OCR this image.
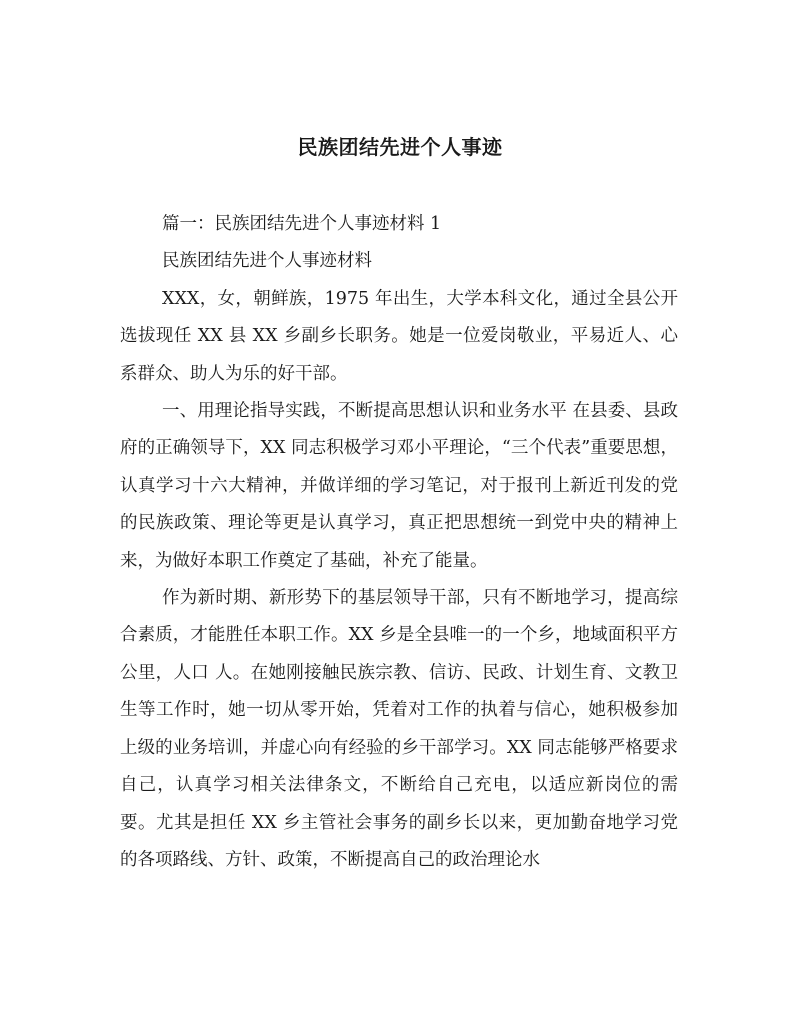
民族团结先进个人事迹

篇一：民族团结先进个人事迹材料 1

民族团结先进个人事迹材料

XXX，女，朝鲜族，1975 年出生，大学本科文化，通过全县公开选拔现任 XX 县 XX 乡副乡长职务。她是一位爱岗敬业，平易近人、心系群众、助人为乐的好干部。

一、用理论指导实践，不断提高思想认识和业务水平 在县委、县政府的正确领导下，XX 同志积极学习邓小平理论，“三个代表”重要思想，认真学习十六大精神，并做详细的学习笔记，对于报刊上新近刊发的党的民族政策、理论等更是认真学习，真正把思想统一到党中央的精神上来，为做好本职工作奠定了基础，补充了能量。

作为新时期、新形势下的基层领导干部，只有不断地学习，提高综合素质，才能胜任本职工作。XX 乡是全县唯一的一个乡，地域面积平方公里，人口 人。在她刚接触民族宗教、信访、民政、计划生育、文教卫生等工作时，她一切从零开始，凭着对工作的执着与信心，她积极参加上级的业务培训，并虚心向有经验的乡干部学习。XX 同志能够严格要求自己，认真学习相关法律条文，不断给自己充电，以适应新岗位的需要。尤其是担任 XX 乡主管社会事务的副乡长以来，更加勤奋地学习党的各项路线、方针、政策，不断提高自己的政治理论水
